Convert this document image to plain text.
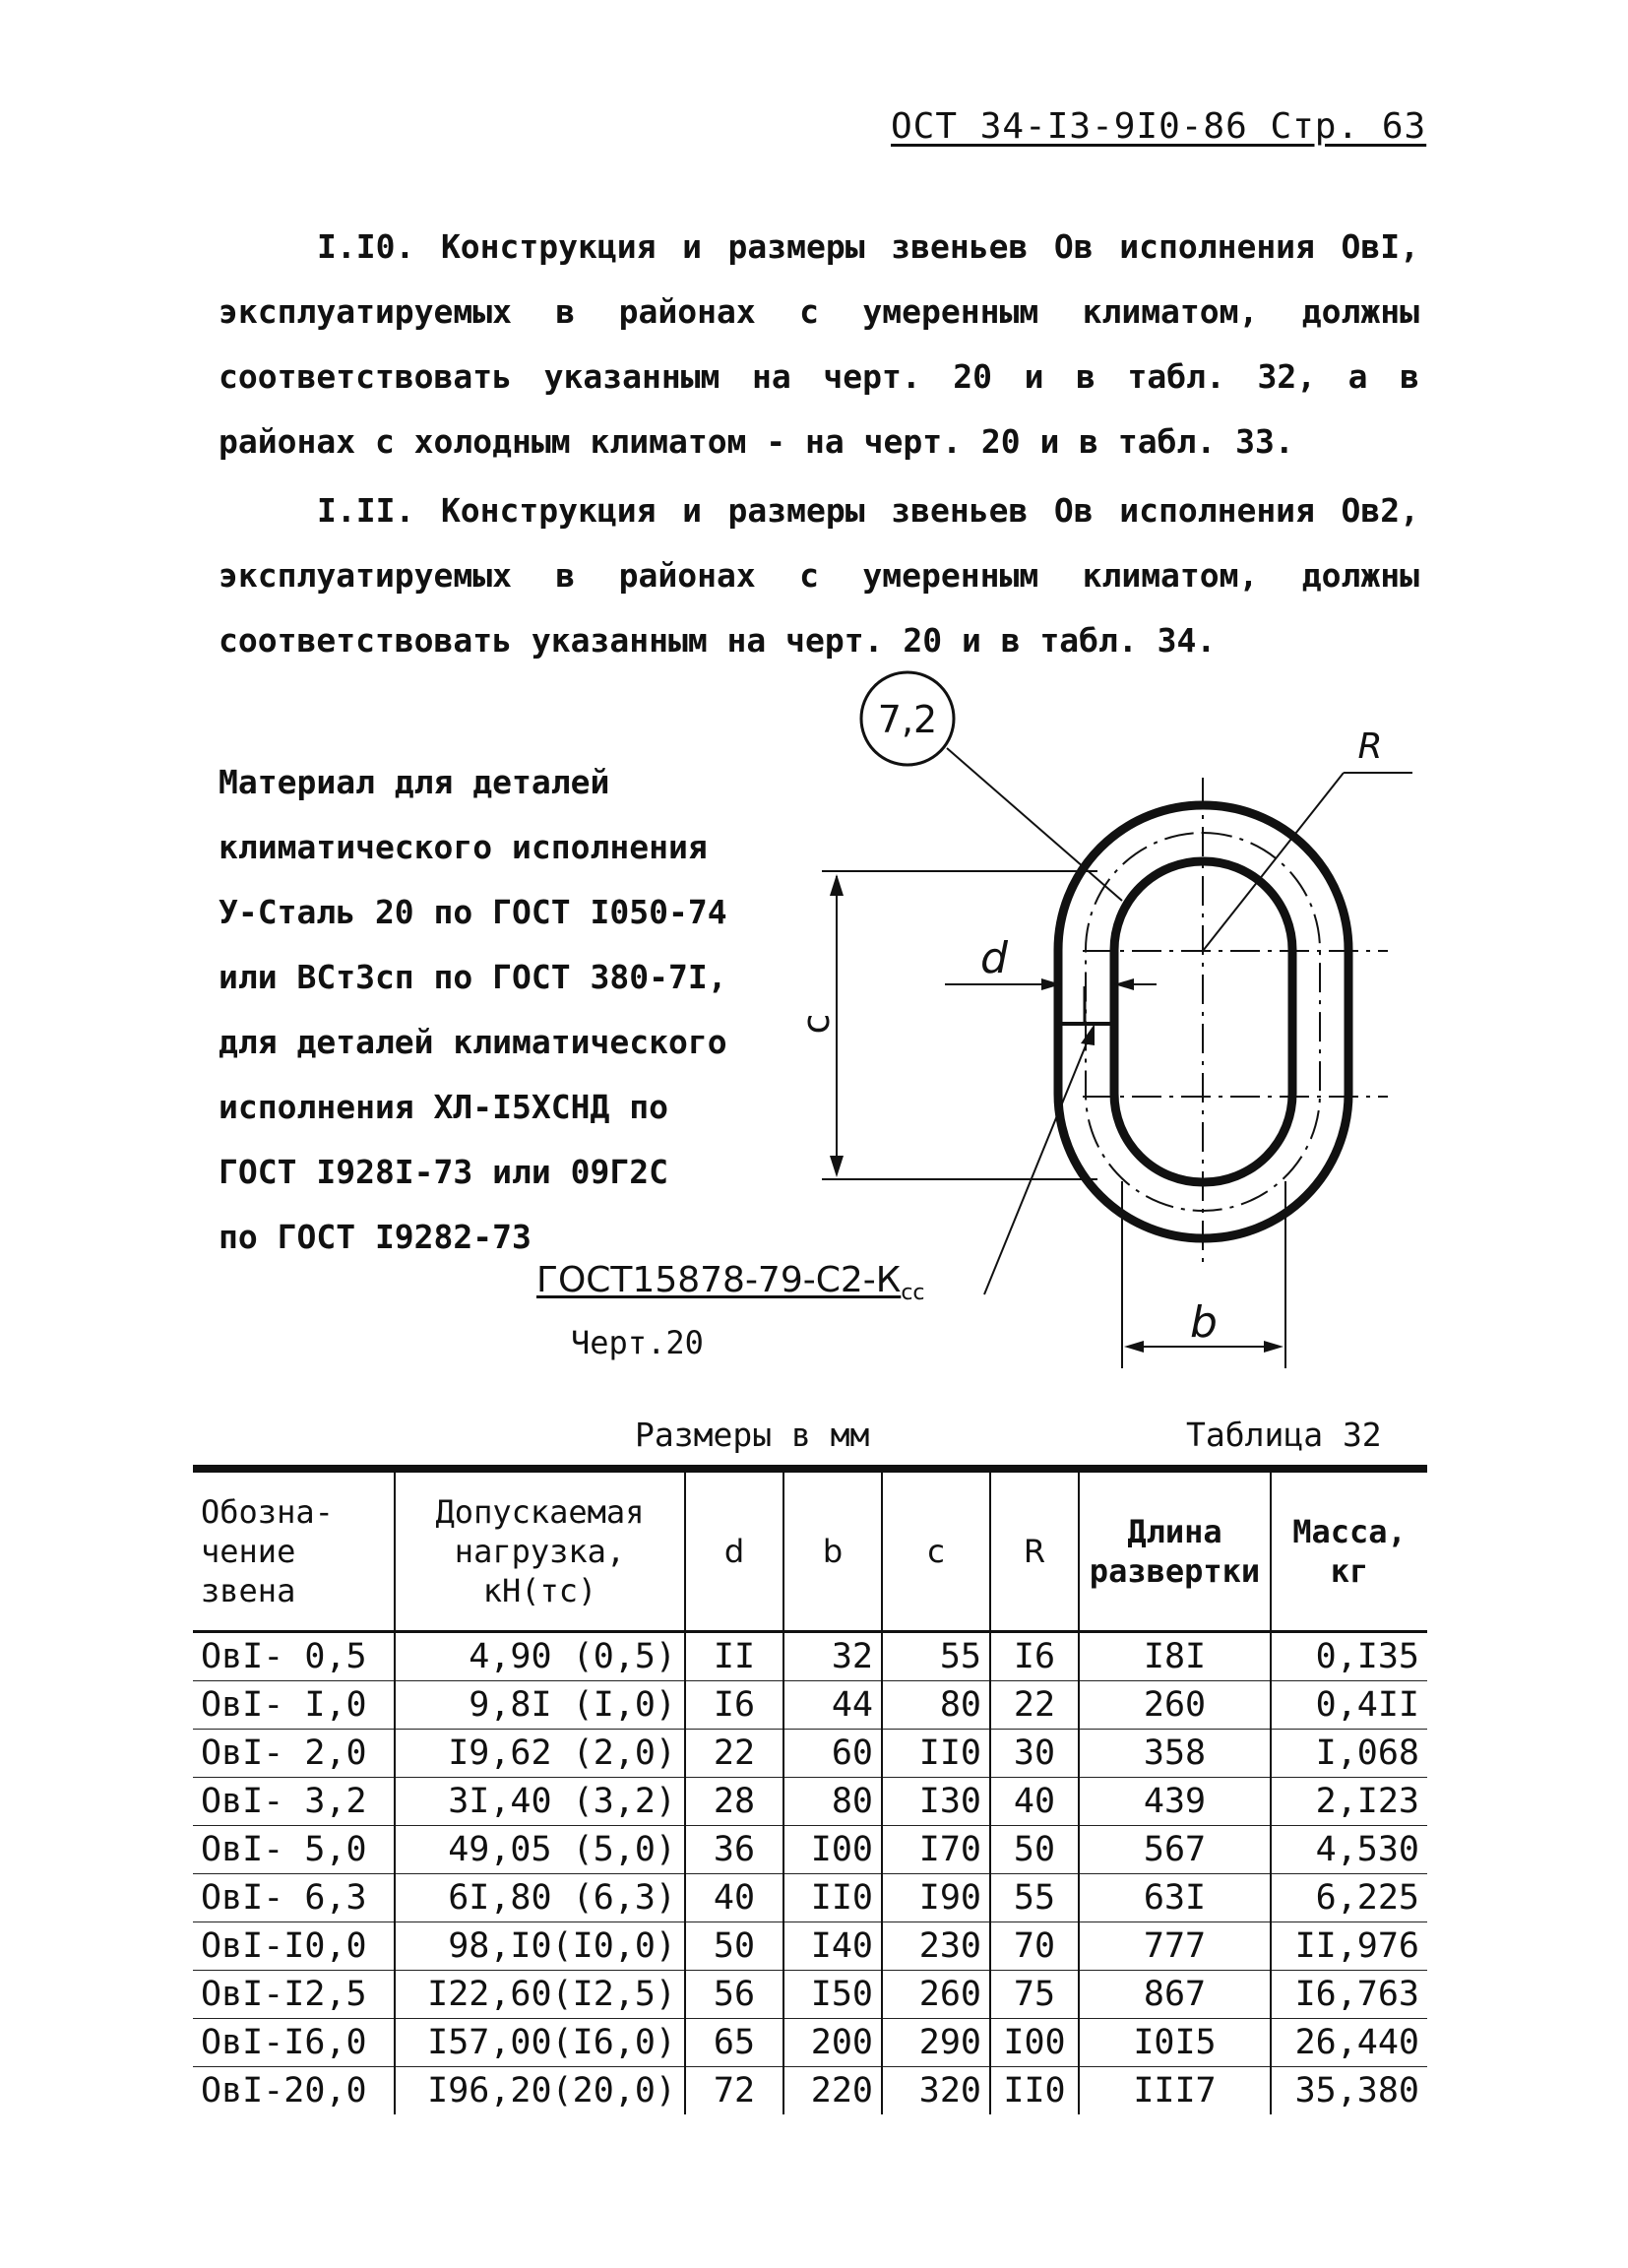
ОСТ 34-I3-9I0-86 Стр. 63

I.I0. Конструкция и размеры звеньев Ов исполнения ОвI, эксплуатируемых в районах с умеренным климатом, должны соответствовать указанным на черт. 20 и в табл. 32, а в районах с холодным климатом - на черт. 20 и в табл. 33.

I.II. Конструкция и размеры звеньев Ов исполнения Ов2, эксплуатируемых в районах с умеренным климатом, должны соответствовать указанным на черт. 20 и в табл. 34.

Материал для деталей
климатического исполнения
У-Сталь 20 по ГОСТ I050-74
или ВСт3сп по ГОСТ 380-7I,
для деталей климатического
исполнения ХЛ-I5ХСНД по
ГОСТ I928I-73 или 09Г2С
по ГОСТ I9282-73
7,2
R
d
c
b
$ГОСТ15878-79-С2-К_{сс}$
Черт.20
Размеры в мм	Таблица 32
Обозна-
чение
звена	Допускаемая
нагрузка,
кН(тс)	d	b	c	R	Длина
развертки	Масса,
кг
ОвI- 0,5	4,90 (0,5)	II	32	55	I6	I8I	0,I35
ОвI- I,0	9,8I (I,0)	I6	44	80	22	260	0,4II
ОвI- 2,0	I9,62 (2,0)	22	60	II0	30	358	I,068
ОвI- 3,2	3I,40 (3,2)	28	80	I30	40	439	2,I23
ОвI- 5,0	49,05 (5,0)	36	I00	I70	50	567	4,530
ОвI- 6,3	6I,80 (6,3)	40	II0	I90	55	63I	6,225
ОвI-I0,0	98,I0(I0,0)	50	I40	230	70	777	II,976
ОвI-I2,5	I22,60(I2,5)	56	I50	260	75	867	I6,763
ОвI-I6,0	I57,00(I6,0)	65	200	290	I00	I0I5	26,440
ОвI-20,0	I96,20(20,0)	72	220	320	II0	III7	35,380
